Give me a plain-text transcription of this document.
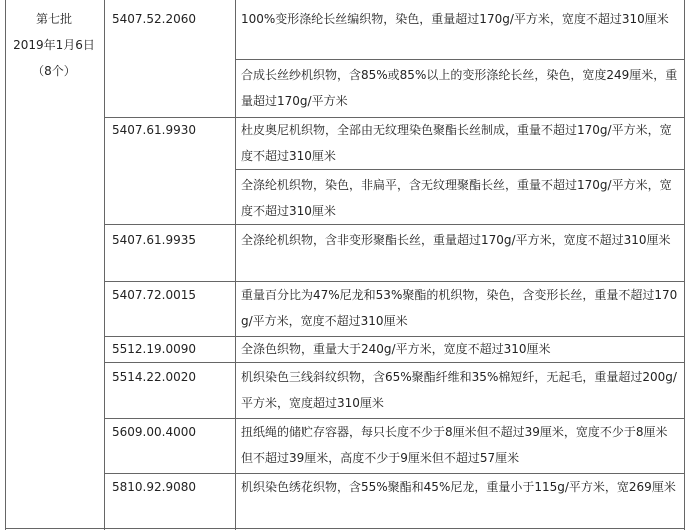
第七批
2019年1月6日
（8个）
5407.52.2060
5407.61.9930
5407.61.9935
5407.72.0015
5512.19.0090
5514.22.0020
5609.00.4000
5810.92.9080
100%变形涤纶长丝编织物，染色，重量超过170g/平方米，宽度不超过310厘米
合成长丝纱机织物，含85%或85%以上的变形涤纶长丝，染色，宽度249厘米，重量超过170g/平方米
杜皮奥尼机织物，全部由无纹理染色聚酯长丝制成，重量不超过170g/平方米，宽度不超过310厘米
全涤纶机织物，染色，非扁平，含无纹理聚酯长丝，重量不超过170g/平方米，宽度不超过310厘米
全涤纶机织物，含非变形聚酯长丝，重量超过170g/平方米，宽度不超过310厘米
重量百分比为47%尼龙和53%聚酯的机织物，染色，含变形长丝，重量不超过170g/平方米，宽度不超过310厘米
全涤色织物，重量大于240g/平方米，宽度不超过310厘米
机织染色三线斜纹织物，含65%聚酯纤维和35%棉短纤，无起毛，重量超过200g/平方米，宽度超过310厘米
扭纸绳的储贮存容器，每只长度不少于8厘米但不超过39厘米，宽度不少于8厘米但不超过39厘米，高度不少于9厘米但不超过57厘米
机织染色绣花织物，含55%聚酯和45%尼龙，重量小于115g/平方米，宽269厘米
